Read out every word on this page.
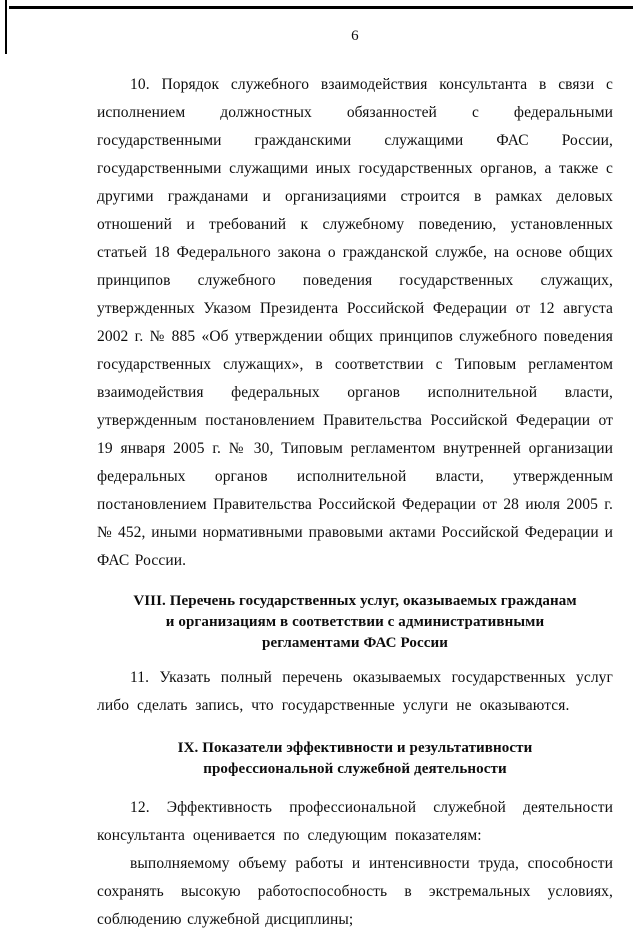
6

10. Порядок служебного взаимодействия консультанта в связи с исполнением должностных обязанностей с федеральными государственными гражданскими служащими ФАС России, государственными служащими иных государственных органов, а также с другими гражданами и организациями строится в рамках деловых отношений и требований к служебному поведению, установленных статьей 18 Федерального закона о гражданской службе, на основе общих принципов служебного поведения государственных служащих, утвержденных Указом Президента Российской Федерации от 12 августа 2002 г. № 885 «Об утверждении общих принципов служебного поведения государственных служащих», в соответствии с Типовым регламентом взаимодействия федеральных органов исполнительной власти, утвержденным постановлением Правительства Российской Федерации от 19 января 2005 г. № 30, Типовым регламентом внутренней организации федеральных органов исполнительной власти, утвержденным постановлением Правительства Российской Федерации от 28 июля 2005 г. № 452, иными нормативными правовыми актами Российской Федерации и ФАС России.

VIII. Перечень государственных услуг, оказываемых гражданам и организациям в соответствии с административными регламентами ФАС России

11. Указать полный перечень оказываемых государственных услуг либо сделать запись, что государственные услуги не оказываются.

IX. Показатели эффективности и результативности профессиональной служебной деятельности

12. Эффективность профессиональной служебной деятельности консультанта оценивается по следующим показателям:

выполняемому объему работы и интенсивности труда, способности сохранять высокую работоспособность в экстремальных условиях, соблюдению служебной дисциплины;
